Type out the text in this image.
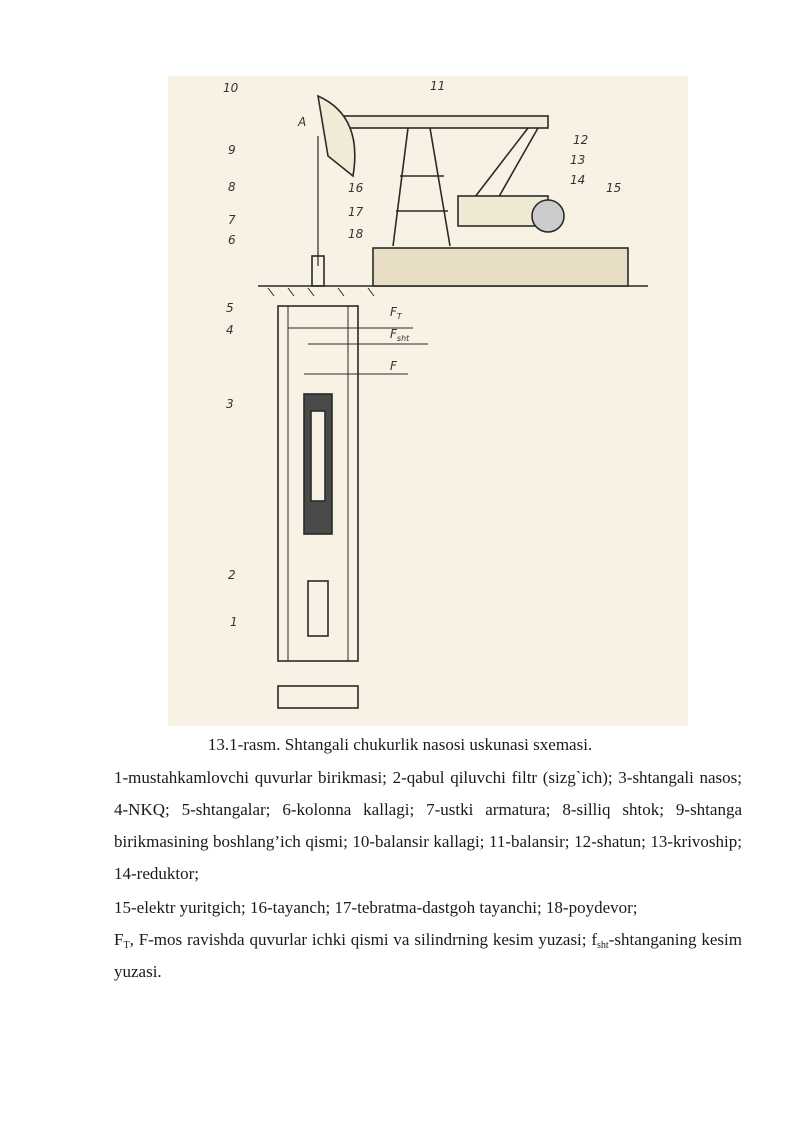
10	11
A
9
8
7
6
12
13
14
15
16
17
18
5
4
3
2
1
$F_T$
$F_{sht}$
F
13.1-rasm. Shtangali chukurlik nasosi uskunasi sxemasi.

1-mustahkamlovchi quvurlar birikmasi; 2-qabul qiluvchi filtr (sizg`ich); 3-shtangali nasos; 4-NKQ; 5-shtangalar; 6-kolonna kallagi; 7-ustki armatura; 8-silliq shtok; 9-shtanga birikmasining boshlang’ich qismi; 10-balansir kallagi; 11-balansir; 12-shatun; 13-krivoship; 14-reduktor;

15-elektr yuritgich; 16-tayanch; 17-tebratma-dastgoh tayanchi; 18-poydevor;

$F_T$, F-mos ravishda quvurlar ichki qismi va silindrning kesim yuzasi; $f_{sht}$-shtanganing kesim yuzasi.
